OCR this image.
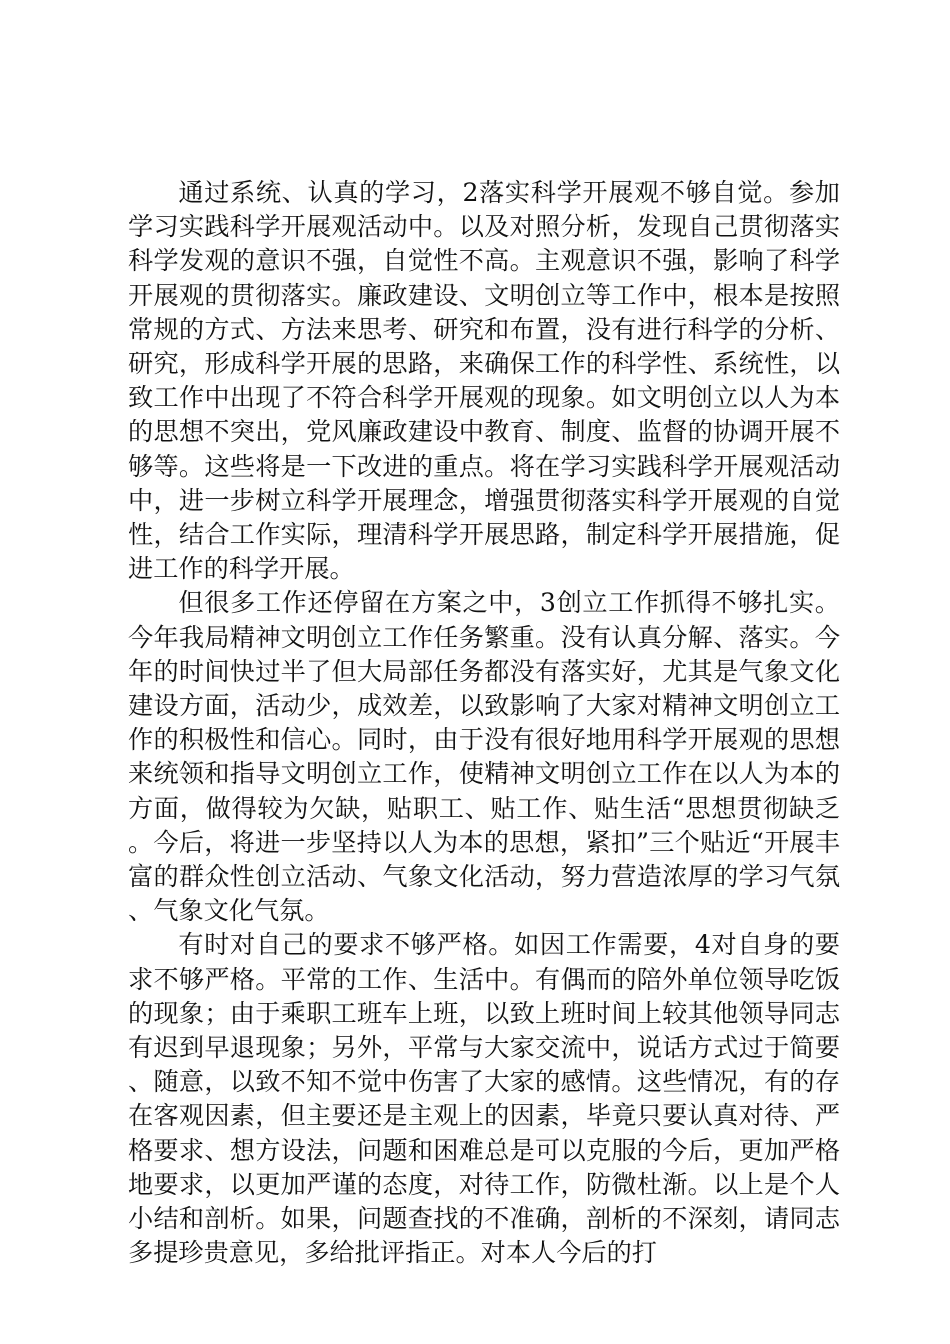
通过系统、认真的学习，2落实科学开展观不够自觉。参加学习实践科学开展观活动中。以及对照分析，发现自己贯彻落实科学发观的意识不强，自觉性不高。主观意识不强，影响了科学开展观的贯彻落实。廉政建设、文明创立等工作中，根本是按照常规的方式、方法来思考、研究和布置，没有进行科学的分析、研究，形成科学开展的思路，来确保工作的科学性、系统性，以致工作中出现了不符合科学开展观的现象。如文明创立以人为本的思想不突出，党风廉政建设中教育、制度、监督的协调开展不够等。这些将是一下改进的重点。将在学习实践科学开展观活动中，进一步树立科学开展理念，增强贯彻落实科学开展观的自觉性，结合工作实际，理清科学开展思路，制定科学开展措施，促进工作的科学开展。

但很多工作还停留在方案之中，3创立工作抓得不够扎实。今年我局精神文明创立工作任务繁重。没有认真分解、落实。今年的时间快过半了但大局部任务都没有落实好，尤其是气象文化建设方面，活动少，成效差，以致影响了大家对精神文明创立工作的积极性和信心。同时，由于没有很好地用科学开展观的思想来统领和指导文明创立工作，使精神文明创立工作在以人为本的方面，做得较为欠缺，贴职工、贴工作、贴生活“思想贯彻缺乏。今后，将进一步坚持以人为本的思想，紧扣”三个贴近“开展丰富的群众性创立活动、气象文化活动，努力营造浓厚的学习气氛、气象文化气氛。

有时对自己的要求不够严格。如因工作需要，4对自身的要求不够严格。平常的工作、生活中。有偶而的陪外单位领导吃饭的现象；由于乘职工班车上班，以致上班时间上较其他领导同志有迟到早退现象；另外，平常与大家交流中，说话方式过于简要、随意，以致不知不觉中伤害了大家的感情。这些情况，有的存在客观因素，但主要还是主观上的因素，毕竟只要认真对待、严格要求、想方设法，问题和困难总是可以克服的今后，更加严格地要求，以更加严谨的态度，对待工作，防微杜渐。以上是个人小结和剖析。如果，问题查找的不准确，剖析的不深刻，请同志多提珍贵意见，多给批评指正。对本人今后的打
